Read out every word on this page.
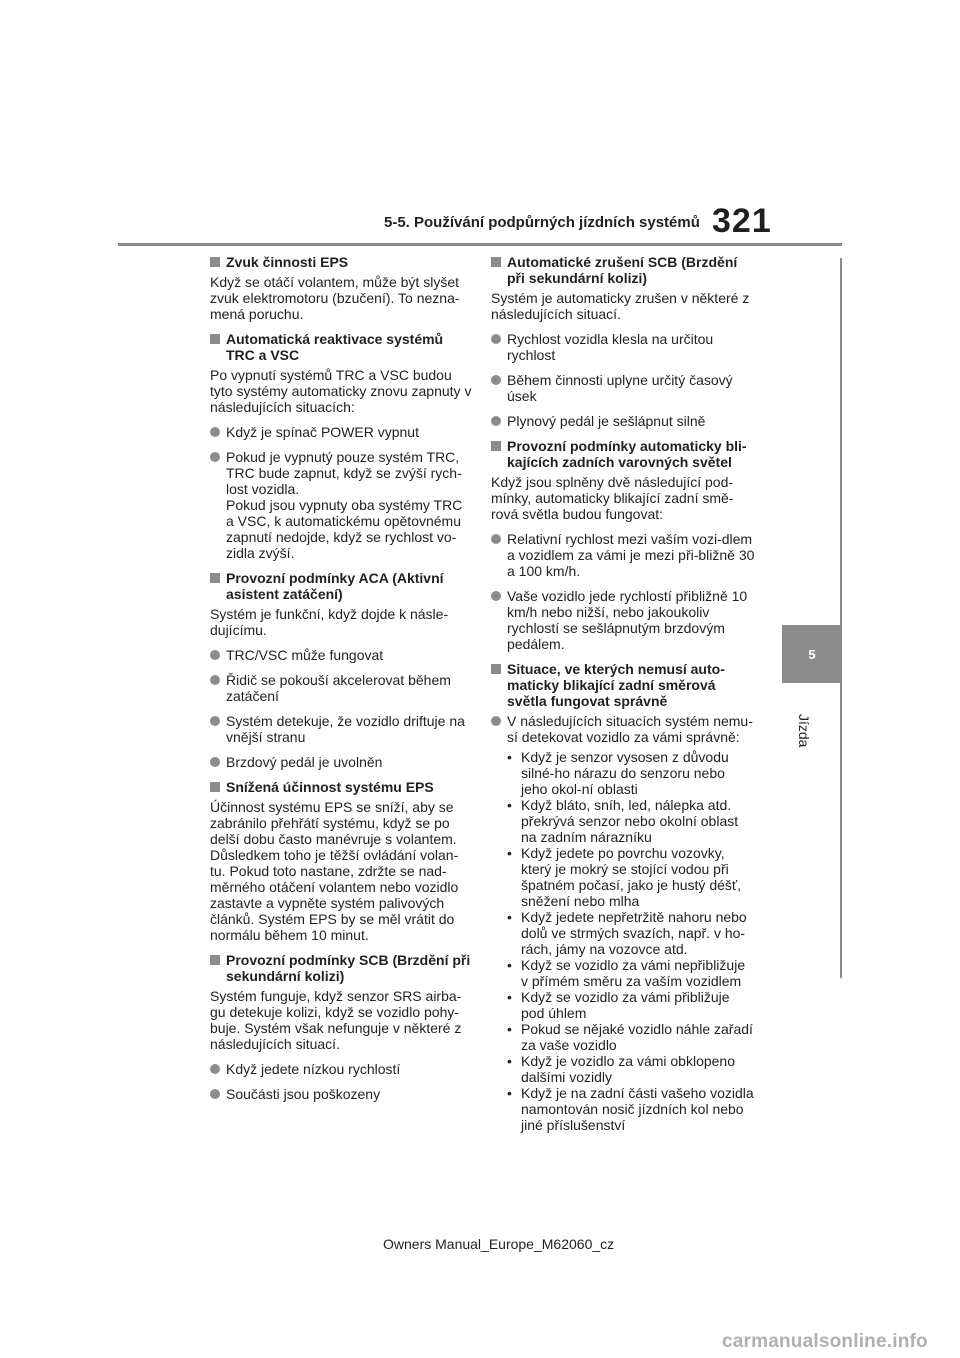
5-5. Používání podpůrných jízdních systémů 321
5
Jízda
Zvuk činnosti EPS

Když se otáčí volantem, může být slyšet zvuk elektromotoru (bzučení). To nezna-mená poruchu.

Automatická reaktivace systémů TRC a VSC

Po vypnutí systémů TRC a VSC budou tyto systémy automaticky znovu zapnuty v následujících situacích:

Když je spínač POWER vypnut
Pokud je vypnutý pouze systém TRC, TRC bude zapnut, když se zvýší rych-lost vozidla.
Pokud jsou vypnuty oba systémy TRC a VSC, k automatickému opětovnému zapnutí nedojde, když se rychlost vo-zidla zvýší.
Provozní podmínky ACA (Aktivní asistent zatáčení)

Systém je funkční, když dojde k násle-dujícímu.

TRC/VSC může fungovat
Řidič se pokouší akcelerovat během zatáčení
Systém detekuje, že vozidlo driftuje na vnější stranu
Brzdový pedál je uvolněn
Snížená účinnost systému EPS

Účinnost systému EPS se sníží, aby se zabránilo přehřátí systému, když se po delší dobu často manévruje s volantem. Důsledkem toho je těžší ovládání volan-tu. Pokud toto nastane, zdržte se nad-měrného otáčení volantem nebo vozidlo zastavte a vypněte systém palivových článků. Systém EPS by se měl vrátit do normálu během 10 minut.

Provozní podmínky SCB (Brzdění při sekundární kolizi)

Systém funguje, když senzor SRS airba-gu detekuje kolizi, když se vozidlo pohy-buje. Systém však nefunguje v některé z následujících situací.

Když jedete nízkou rychlostí
Součásti jsou poškozeny
Automatické zrušení SCB (Brzdění při sekundární kolizi)

Systém je automaticky zrušen v některé z následujících situací.

Rychlost vozidla klesla na určitou rychlost
Během činnosti uplyne určitý časový úsek
Plynový pedál je sešlápnut silně
Provozní podmínky automaticky bli-kajících zadních varovných světel

Když jsou splněny dvě následující pod-mínky, automaticky blikající zadní smě-rová světla budou fungovat:

Relativní rychlost mezi vaším vozi-dlem a vozidlem za vámi je mezi při-bližně 30 a 100 km/h.
Vaše vozidlo jede rychlostí přibližně 10 km/h nebo nižší, nebo jakoukoliv rychlostí se sešlápnutým brzdovým pedálem.
Situace, ve kterých nemusí auto-maticky blikající zadní směrová světla fungovat správně
V následujících situacích systém nemu-sí detekovat vozidlo za vámi správně:
• Když je senzor vysosen z důvodu silné-ho nárazu do senzoru nebo jeho okol-ní oblasti
• Když bláto, sníh, led, nálepka atd. překrývá senzor nebo okolní oblast na zadním nárazníku
• Když jedete po povrchu vozovky, který je mokrý se stojící vodou při špatném počasí, jako je hustý déšť, sněžení nebo mlha
• Když jedete nepřetržitě nahoru nebo dolů ve strmých svazích, např. v ho-rách, jámy na vozovce atd.
• Když se vozidlo za vámi nepřibližuje v přímém směru za vaším vozidlem
• Když se vozidlo za vámi přibližuje pod úhlem
• Pokud se nějaké vozidlo náhle zařadí za vaše vozidlo
• Když je vozidlo za vámi obklopeno dalšími vozidly
• Když je na zadní části vašeho vozidla namontován nosič jízdních kol nebo jiné příslušenství
Owners Manual_Europe_M62060_cz
carmanualsonline.info
